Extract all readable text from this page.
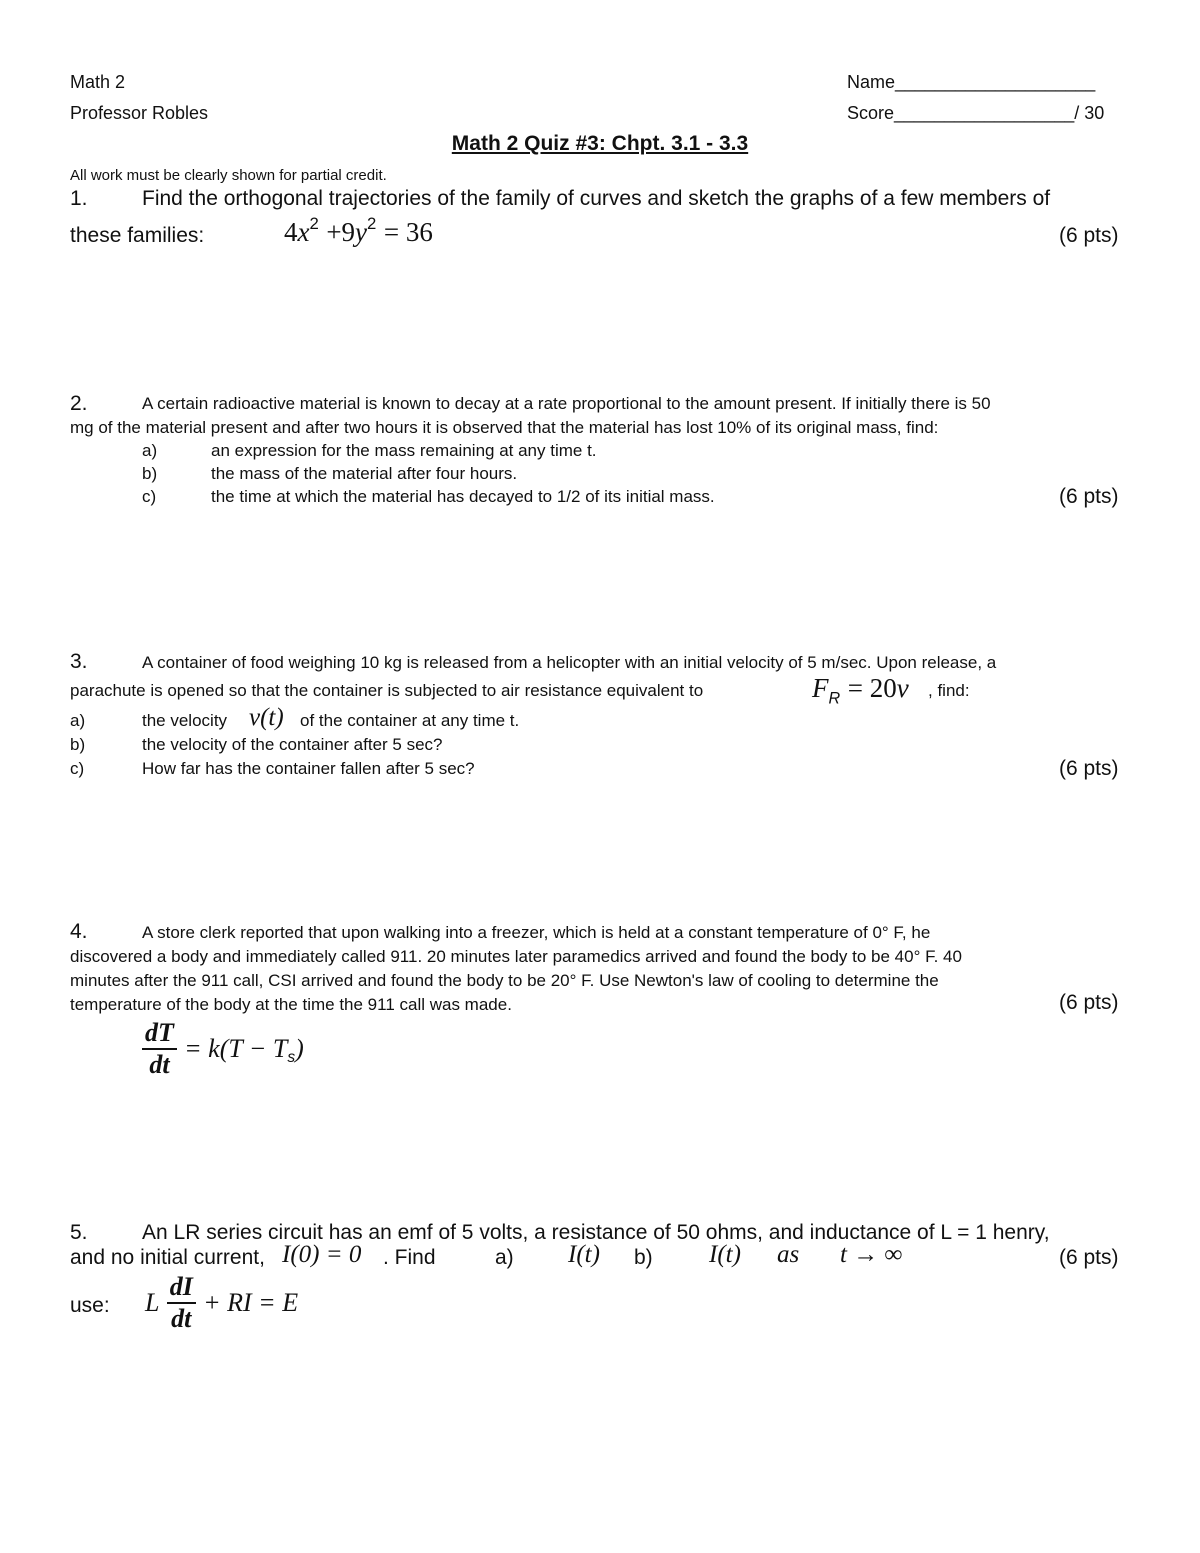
Math 2
Professor Robles
Name____________________
Score__________________/ 30
Math 2 Quiz #3: Chpt. 3.1 - 3.3
All work must be clearly shown for partial credit.
1.	Find the orthogonal trajectories of the family of curves and sketch the graphs of a few members of
these families:	$4x^2 +9y^2 = 36$	(6 pts)
2.	A certain radioactive material is known to decay at a rate proportional to the amount present. If initially there is 50
mg of the material present and after two hours it is observed that the material has lost 10% of its original mass, find:
a)	an expression for the mass remaining at any time t.
b)	the mass of the material after four hours.
c)	the time at which the material has decayed to 1/2 of its initial mass.	(6 pts)
3.	A container of food weighing 10 kg is released from a helicopter with an initial velocity of 5 m/sec. Upon release, a
parachute is opened so that the container is subjected to air resistance equivalent to	$F_R = 20v$ , find:
a)	the velocity v(t) of the container at any time t.
b)	the velocity of the container after 5 sec?
c)	How far has the container fallen after 5 sec?	(6 pts)
4.	A store clerk reported that upon walking into a freezer, which is held at a constant temperature of 0° F, he
discovered a body and immediately called 911. 20 minutes later paramedics arrived and found the body to be 40° F. 40
minutes after the 911 call, CSI arrived and found the body to be 20° F. Use Newton's law of cooling to determine the
temperature of the body at the time the 911 call was made.	(6 pts)
$\frac{dT}{dt} = k(T - T_s)$
5.	An LR series circuit has an emf of 5 volts, a resistance of 50 ohms, and inductance of L = 1 henry,
and no initial current, I(0) = 0 . Find	a) I(t) b) I(t) as t → ∞	(6 pts)
use: L $\frac{dI}{dt}$ + RI = E
